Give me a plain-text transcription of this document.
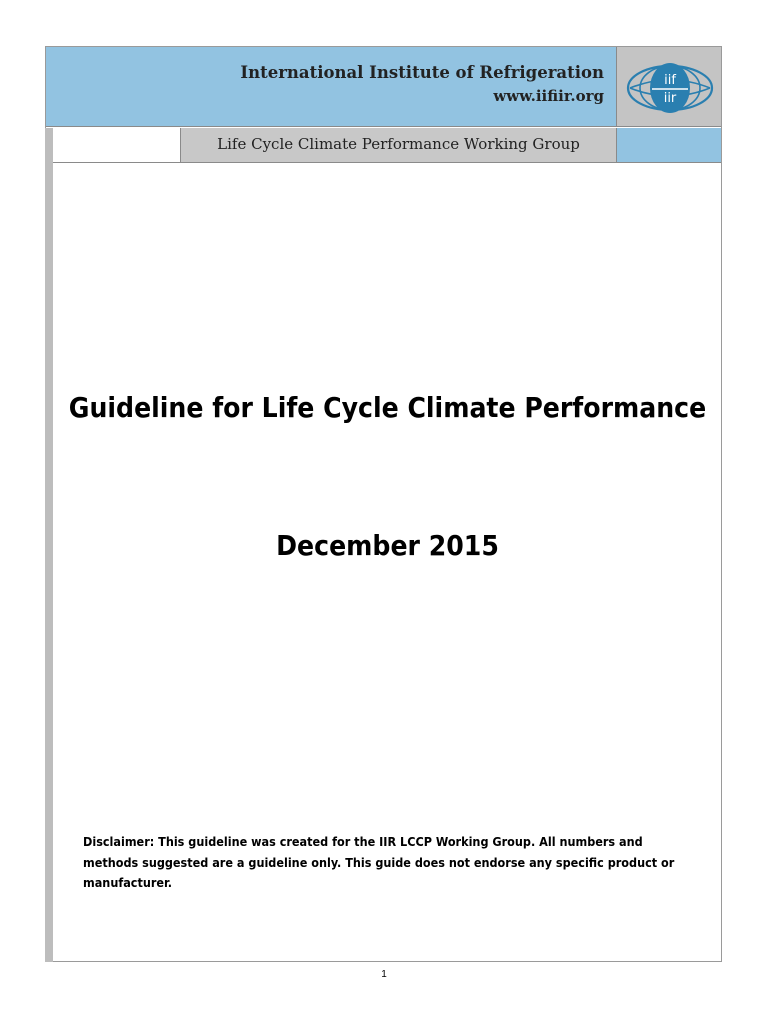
International Institute of Refrigeration
www.iifiir.org
iif
iir
Life Cycle Climate Performance Working Group
Guideline for Life Cycle Climate Performance
December 2015
Disclaimer: This guideline was created for the IIR LCCP Working Group. All numbers and methods suggested are a guideline only. This guide does not endorse any specific product or manufacturer.
1
